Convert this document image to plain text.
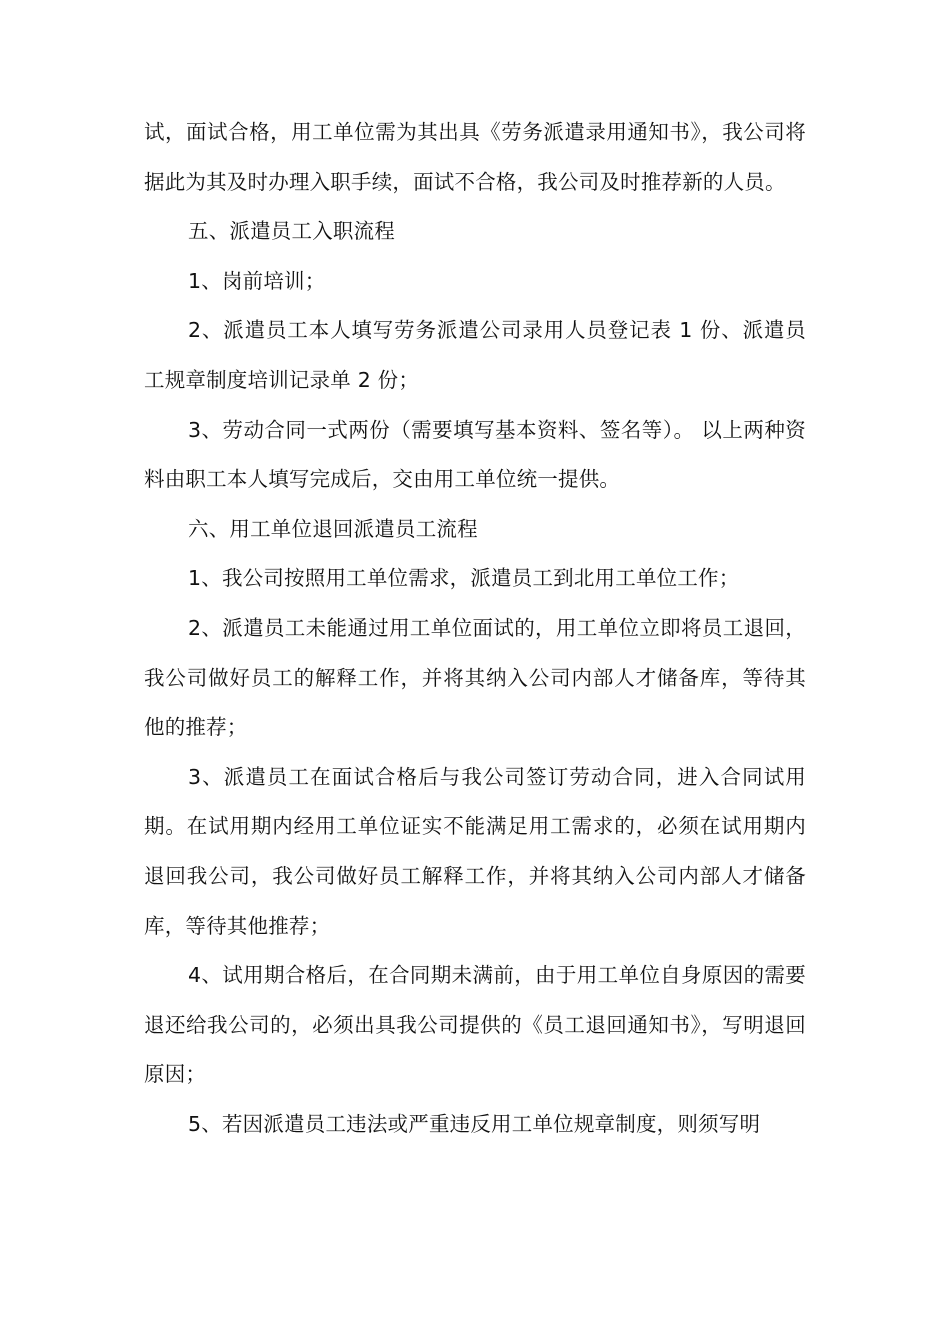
试，面试合格，用工单位需为其出具《劳务派遣录用通知书》，我公司将据此为其及时办理入职手续，面试不合格，我公司及时推荐新的人员。

五、派遣员工入职流程

1、岗前培训；

2、派遣员工本人填写劳务派遣公司录用人员登记表 1 份、派遣员工规章制度培训记录单 2 份；

3、劳动合同一式两份（需要填写基本资料、签名等）。 以上两种资料由职工本人填写完成后，交由用工单位统一提供。

六、用工单位退回派遣员工流程

1、我公司按照用工单位需求，派遣员工到北用工单位工作；

2、派遣员工未能通过用工单位面试的，用工单位立即将员工退回，我公司做好员工的解释工作，并将其纳入公司内部人才储备库，等待其他的推荐；

3、派遣员工在面试合格后与我公司签订劳动合同，进入合同试用期。在试用期内经用工单位证实不能满足用工需求的，必须在试用期内退回我公司，我公司做好员工解释工作，并将其纳入公司内部人才储备库，等待其他推荐；

4、试用期合格后，在合同期未满前，由于用工单位自身原因的需要退还给我公司的，必须出具我公司提供的《员工退回通知书》，写明退回原因；

5、若因派遣员工违法或严重违反用工单位规章制度，则须写明
